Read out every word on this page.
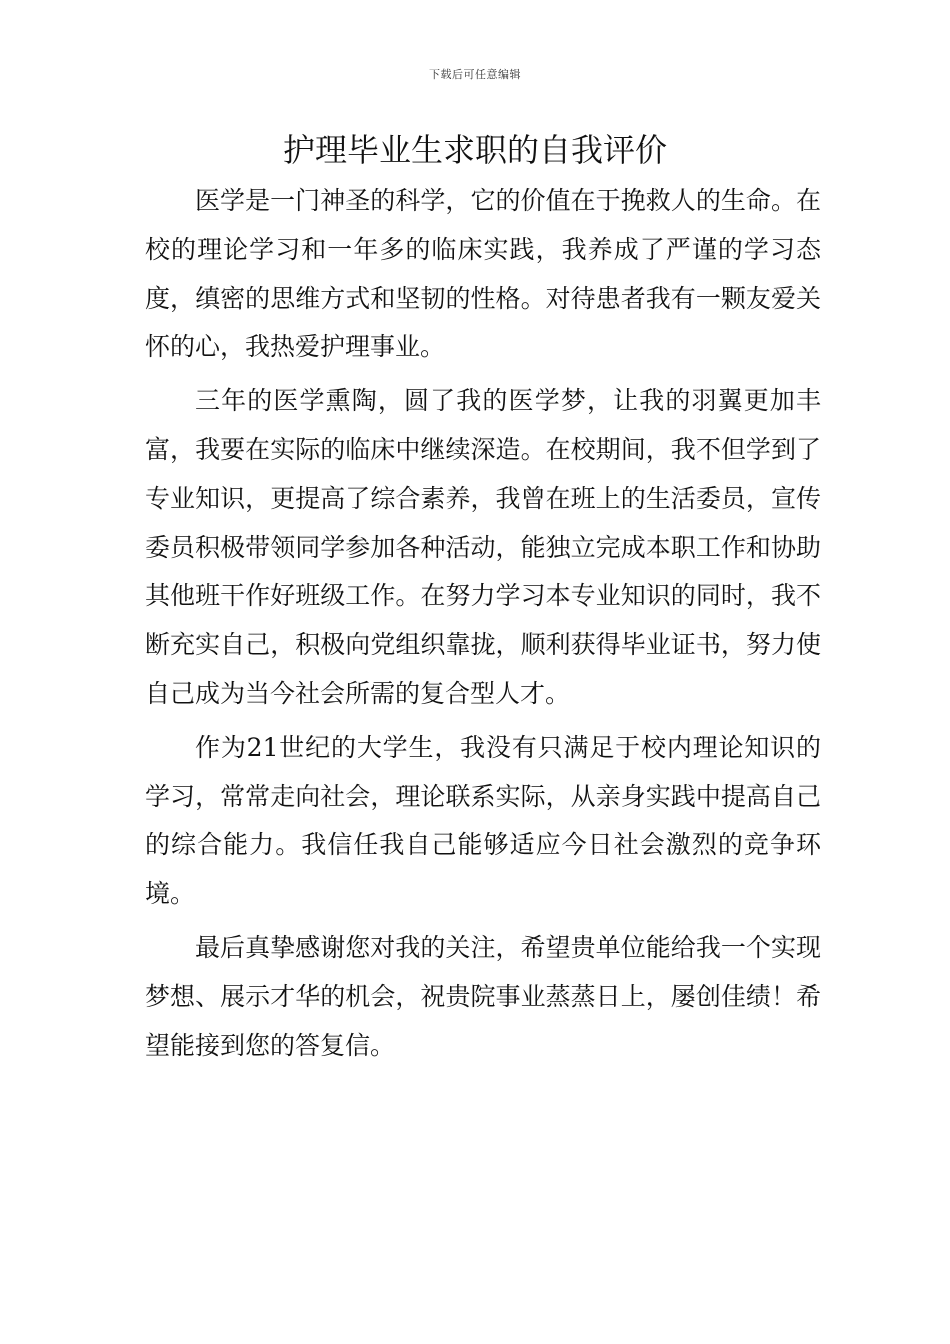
下载后可任意编辑
护理毕业生求职的自我评价

医学是一门神圣的科学，它的价值在于挽救人的生命。在校的理论学习和一年多的临床实践，我养成了严谨的学习态度，缜密的思维方式和坚韧的性格。对待患者我有一颗友爱关怀的心，我热爱护理事业。

三年的医学熏陶，圆了我的医学梦，让我的羽翼更加丰富，我要在实际的临床中继续深造。在校期间，我不但学到了专业知识，更提高了综合素养，我曾在班上的生活委员，宣传委员积极带领同学参加各种活动，能独立完成本职工作和协助其他班干作好班级工作。在努力学习本专业知识的同时，我不断充实自己，积极向党组织靠拢，顺利获得毕业证书，努力使自己成为当今社会所需的复合型人才。

作为21世纪的大学生，我没有只满足于校内理论知识的学习，常常走向社会，理论联系实际，从亲身实践中提高自己的综合能力。我信任我自己能够适应今日社会激烈的竞争环境。

最后真挚感谢您对我的关注，希望贵单位能给我一个实现梦想、展示才华的机会，祝贵院事业蒸蒸日上，屡创佳绩！希望能接到您的答复信。
